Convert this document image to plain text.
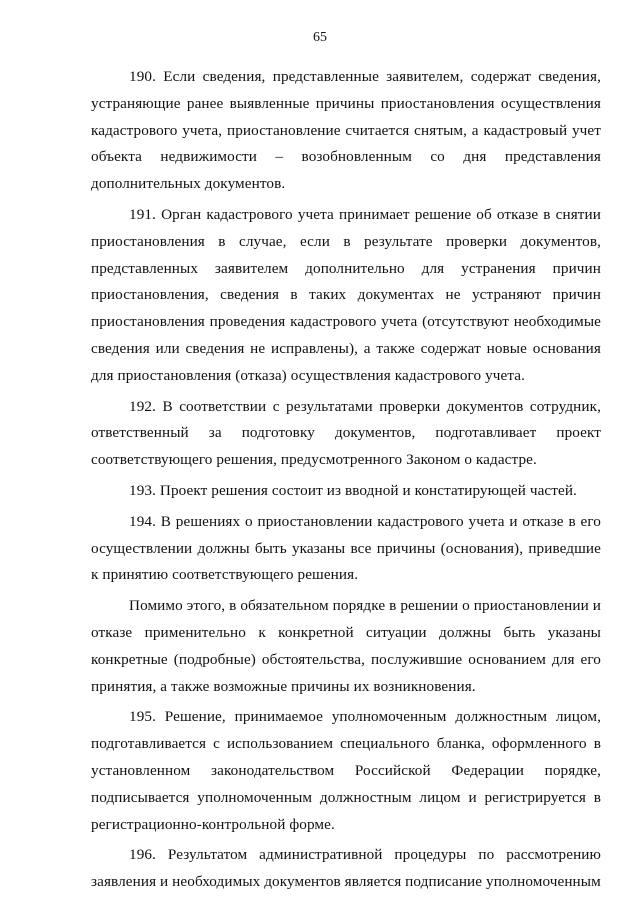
65

190. Если сведения, представленные заявителем, содержат сведения, устраняющие ранее выявленные причины приостановления осуществления кадастрового учета, приостановление считается снятым, а кадастровый учет объекта недвижимости – возобновленным со дня представления дополнительных документов.

191. Орган кадастрового учета принимает решение об отказе в снятии приостановления в случае, если в результате проверки документов, представленных заявителем дополнительно для устранения причин приостановления, сведения в таких документах не устраняют причин приостановления проведения кадастрового учета (отсутствуют необходимые сведения или сведения не исправлены), а также содержат новые основания для приостановления (отказа) осуществления кадастрового учета.

192. В соответствии с результатами проверки документов сотрудник, ответственный за подготовку документов, подготавливает проект соответствующего решения, предусмотренного Законом о кадастре.

193. Проект решения состоит из вводной и констатирующей частей.

194. В решениях о приостановлении кадастрового учета и отказе в его осуществлении должны быть указаны все причины (основания), приведшие к принятию соответствующего решения.

Помимо этого, в обязательном порядке в решении о приостановлении и отказе применительно к конкретной ситуации должны быть указаны конкретные (подробные) обстоятельства, послужившие основанием для его принятия, а также возможные причины их возникновения.

195. Решение, принимаемое уполномоченным должностным лицом, подготавливается с использованием специального бланка, оформленного в установленном законодательством Российской Федерации порядке, подписывается уполномоченным должностным лицом и регистрируется в регистрационно-контрольной форме.

196. Результатом административной процедуры по рассмотрению заявления и необходимых документов является подписание уполномоченным
